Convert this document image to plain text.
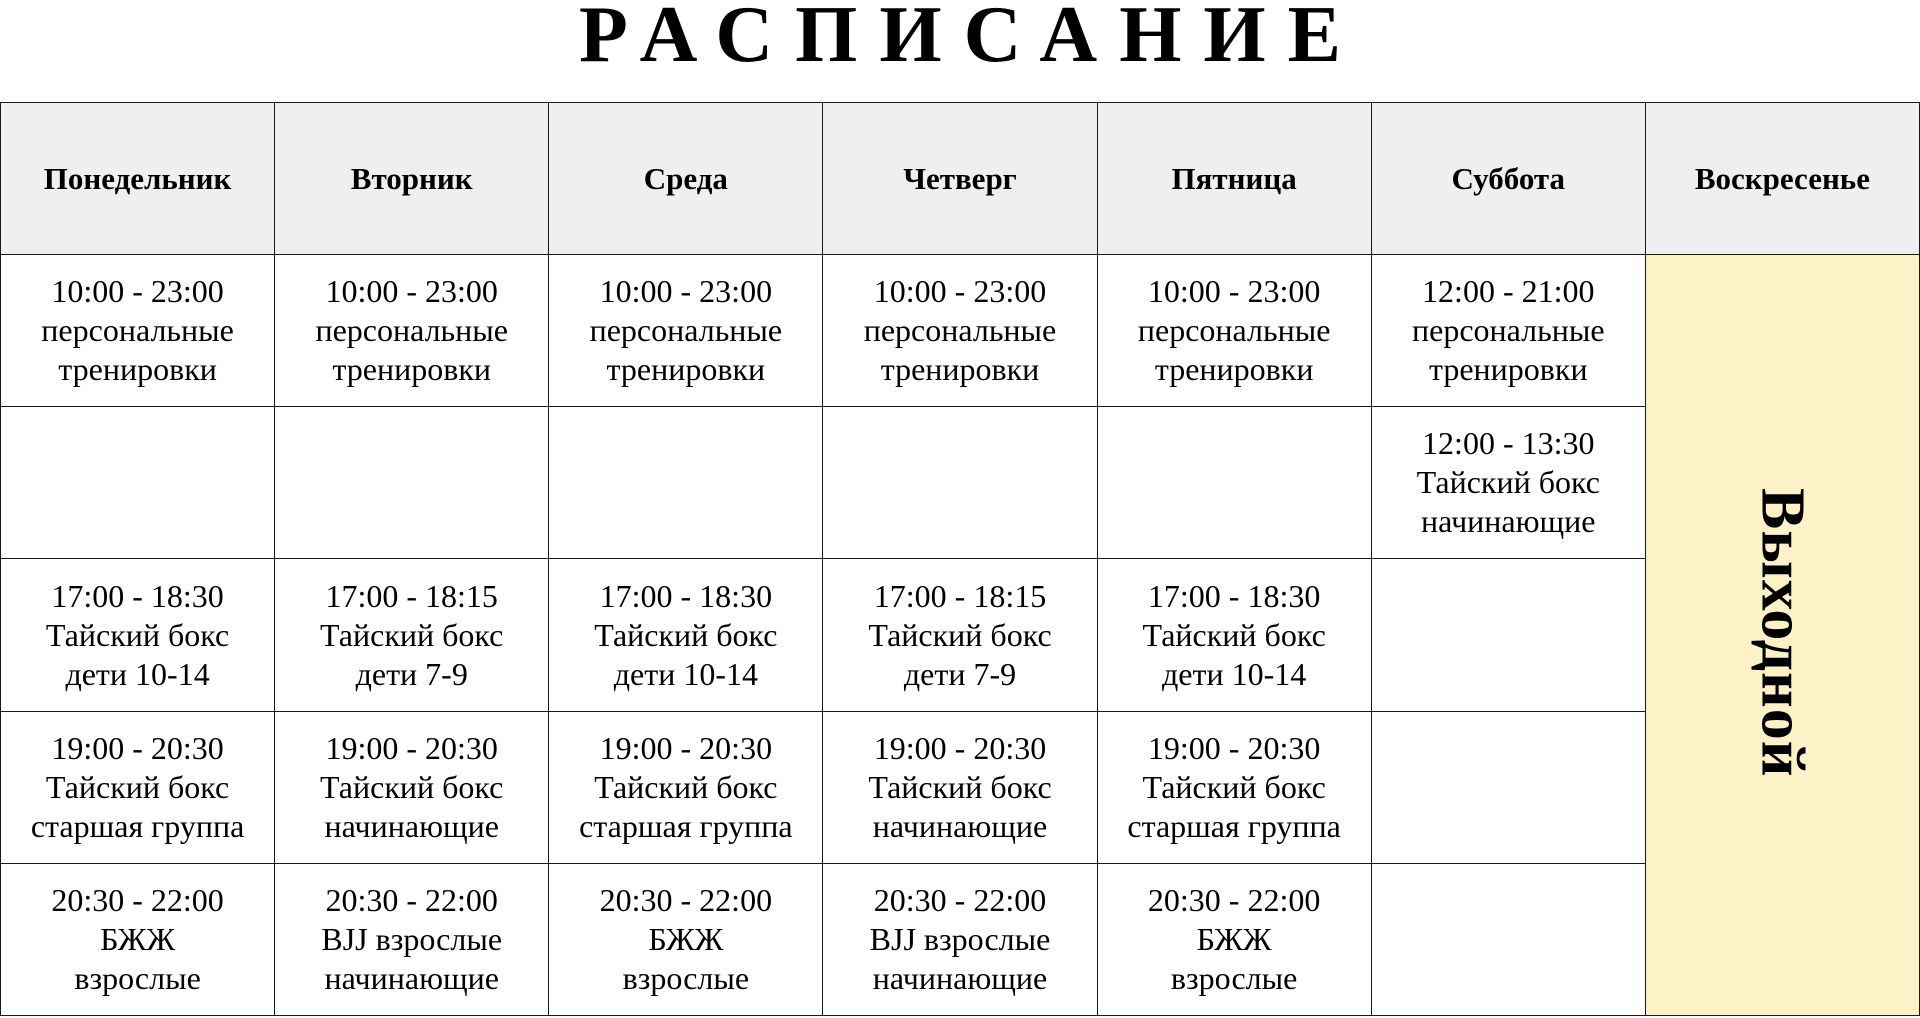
РАСПИСАНИЕ
Понедельник	Вторник	Среда	Четверг	Пятница	Суббота	Воскресенье

10:00 - 23:00
персональные
тренировки	10:00 - 23:00
персональные
тренировки	10:00 - 23:00
персональные
тренировки	10:00 - 23:00
персональные
тренировки	10:00 - 23:00
персональные
тренировки	12:00 - 21:00
персональные
тренировки	Выходной

					12:00 - 13:30
Тайский бокс
начинающие	

17:00 - 18:30
Тайский бокс
дети 10-14	17:00 - 18:15
Тайский бокс
дети 7-9	17:00 - 18:30
Тайский бокс
дети 10-14	17:00 - 18:15
Тайский бокс
дети 7-9	17:00 - 18:30
Тайский бокс
дети 10-14		

19:00 - 20:30
Тайский бокс
старшая группа	19:00 - 20:30
Тайский бокс
начинающие	19:00 - 20:30
Тайский бокс
старшая группа	19:00 - 20:30
Тайский бокс
начинающие	19:00 - 20:30
Тайский бокс
старшая группа		

20:30 - 22:00
БЖЖ
взрослые	20:30 - 22:00
BJJ взрослые
начинающие	20:30 - 22:00
БЖЖ
взрослые	20:30 - 22:00
BJJ взрослые
начинающие	20:30 - 22:00
БЖЖ
взрослые		
